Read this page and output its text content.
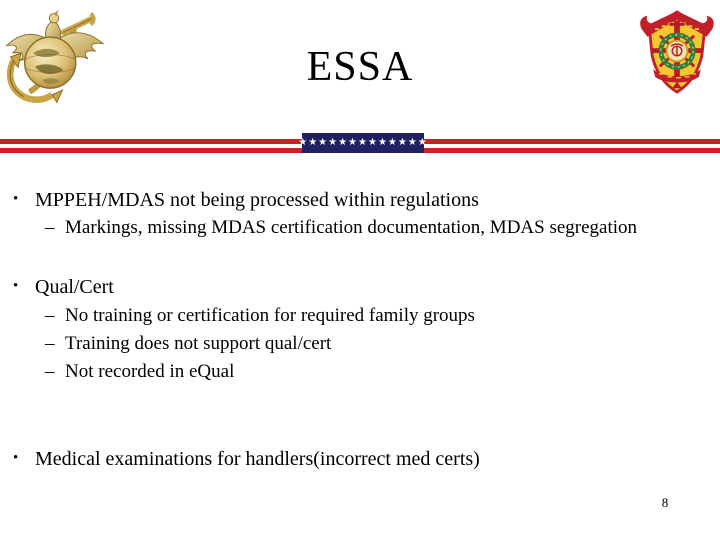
ESSA
★★★★★★★★★★★★★
• MPPEH/MDAS not being processed within regulations
– Markings, missing MDAS certification documentation, MDAS segregation
• Qual/Cert
– No training or certification for required family groups
– Training does not support qual/cert
– Not recorded in eQual
• Medical examinations for handlers(incorrect med certs)
8
